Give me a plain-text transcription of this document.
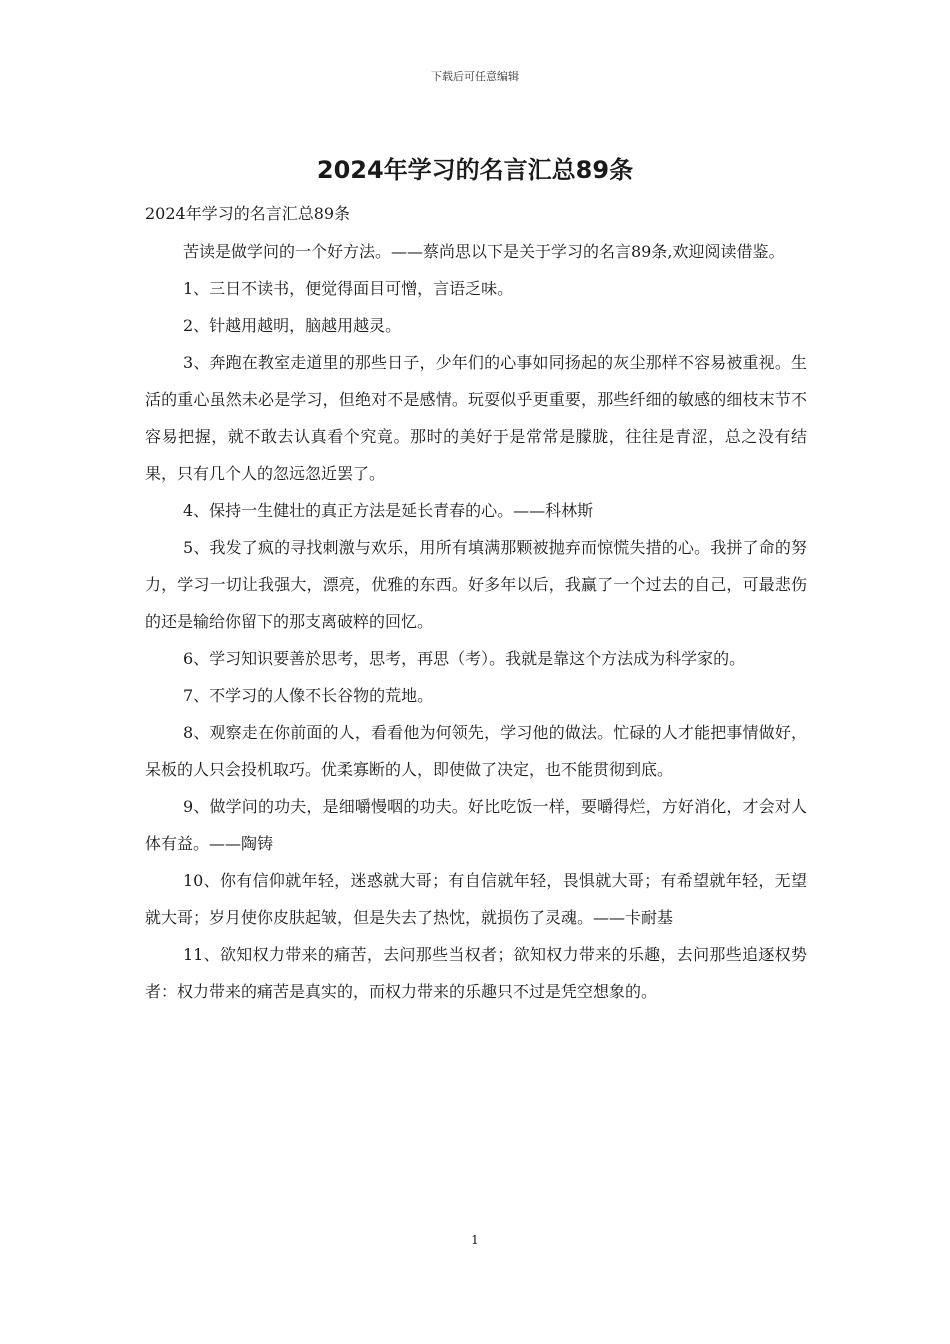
下载后可任意编辑
2024年学习的名言汇总89条
2024年学习的名言汇总89条

苦读是做学问的一个好方法。——蔡尚思以下是关于学习的名言89条,欢迎阅读借鉴。

1、三日不读书，便觉得面目可憎，言语乏味。

2、针越用越明，脑越用越灵。

3、奔跑在教室走道里的那些日子，少年们的心事如同扬起的灰尘那样不容易被重视。生活的重心虽然未必是学习，但绝对不是感情。玩耍似乎更重要，那些纤细的敏感的细枝末节不容易把握，就不敢去认真看个究竟。那时的美好于是常常是朦胧，往往是青涩，总之没有结果，只有几个人的忽远忽近罢了。

4、保持一生健壮的真正方法是延长青春的心。——科林斯

5、我发了疯的寻找刺激与欢乐，用所有填满那颗被抛弃而惊慌失措的心。我拼了命的努力，学习一切让我强大，漂亮，优雅的东西。好多年以后，我赢了一个过去的自己，可最悲伤的还是输给你留下的那支离破粹的回忆。

6、学习知识要善於思考，思考，再思（考）。我就是靠这个方法成为科学家的。

7、不学习的人像不长谷物的荒地。

8、观察走在你前面的人，看看他为何领先，学习他的做法。忙碌的人才能把事情做好，呆板的人只会投机取巧。优柔寡断的人，即使做了决定，也不能贯彻到底。

9、做学问的功夫，是细嚼慢咽的功夫。好比吃饭一样，要嚼得烂，方好消化，才会对人体有益。——陶铸

10、你有信仰就年轻，迷惑就大哥；有自信就年轻，畏惧就大哥；有希望就年轻，无望就大哥；岁月使你皮肤起皱，但是失去了热忱，就损伤了灵魂。——卡耐基

11、欲知权力带来的痛苦，去问那些当权者；欲知权力带来的乐趣，去问那些追逐权势者：权力带来的痛苦是真实的，而权力带来的乐趣只不过是凭空想象的。

1
